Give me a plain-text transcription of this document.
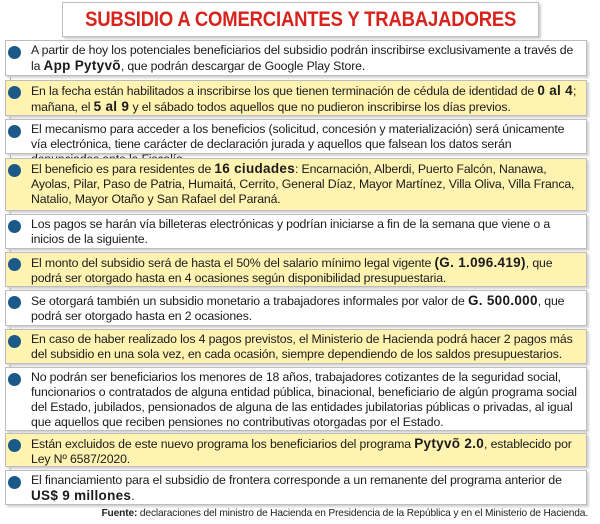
SUBSIDIO A COMERCIANTES Y TRABAJADORES
A partir de hoy los potenciales beneficiarios del subsidio podrán inscribirse exclusivamente a través de la App Pytyvõ, que podrán descargar de Google Play Store.
En la fecha están habilitados a inscribirse los que tienen terminación de cédula de identidad de 0 al 4; mañana, el 5 al 9 y el sábado todos aquellos que no pudieron inscribirse los días previos.
El mecanismo para acceder a los beneficios (solicitud, concesión y materialización) será únicamente vía electrónica, tiene carácter de declaración jurada y aquellos que falsean los datos serán
El beneficio es para residentes de 16 ciudades: Encarnación, Alberdi, Puerto Falcón, Nanawa, Ayolas, Pilar, Paso de Patria, Humaitá, Cerrito, General Díaz, Mayor Martínez, Villa Oliva, Villa Franca, Natalio, Mayor Otaño y San Rafael del Paraná.
Los pagos se harán vía billeteras electrónicas y podrían iniciarse a fin de la semana que viene o a inicios de la siguiente.
El monto del subsidio será de hasta el 50% del salario mínimo legal vigente (G. 1.096.419), que podrá ser otorgado hasta en 4 ocasiones según disponibilidad presupuestaria.
Se otorgará también un subsidio monetario a trabajadores informales por valor de G. 500.000, que podrá ser otorgado hasta en 2 ocasiones.
En caso de haber realizado los 4 pagos previstos, el Ministerio de Hacienda podrá hacer 2 pagos más del subsidio en una sola vez, en cada ocasión, siempre dependiendo de los saldos presupuestarios.
No podrán ser beneficiarios los menores de 18 años, trabajadores cotizantes de la seguridad social, funcionarios o contratados de alguna entidad pública, binacional, beneficiario de algún programa social del Estado, jubilados, pensionados de alguna de las entidades jubilatorias públicas o privadas, al igual que aquellos que reciben pensiones no contributivas otorgadas por el Estado.
Están excluidos de este nuevo programa los beneficiarios del programa Pytyvõ 2.0, establecido por Ley Nº 6587/2020.
El financiamiento para el subsidio de frontera corresponde a un remanente del programa anterior de US$ 9 millones.
Fuente: declaraciones del ministro de Hacienda en Presidencia de la República y en el Ministerio de Hacienda.
